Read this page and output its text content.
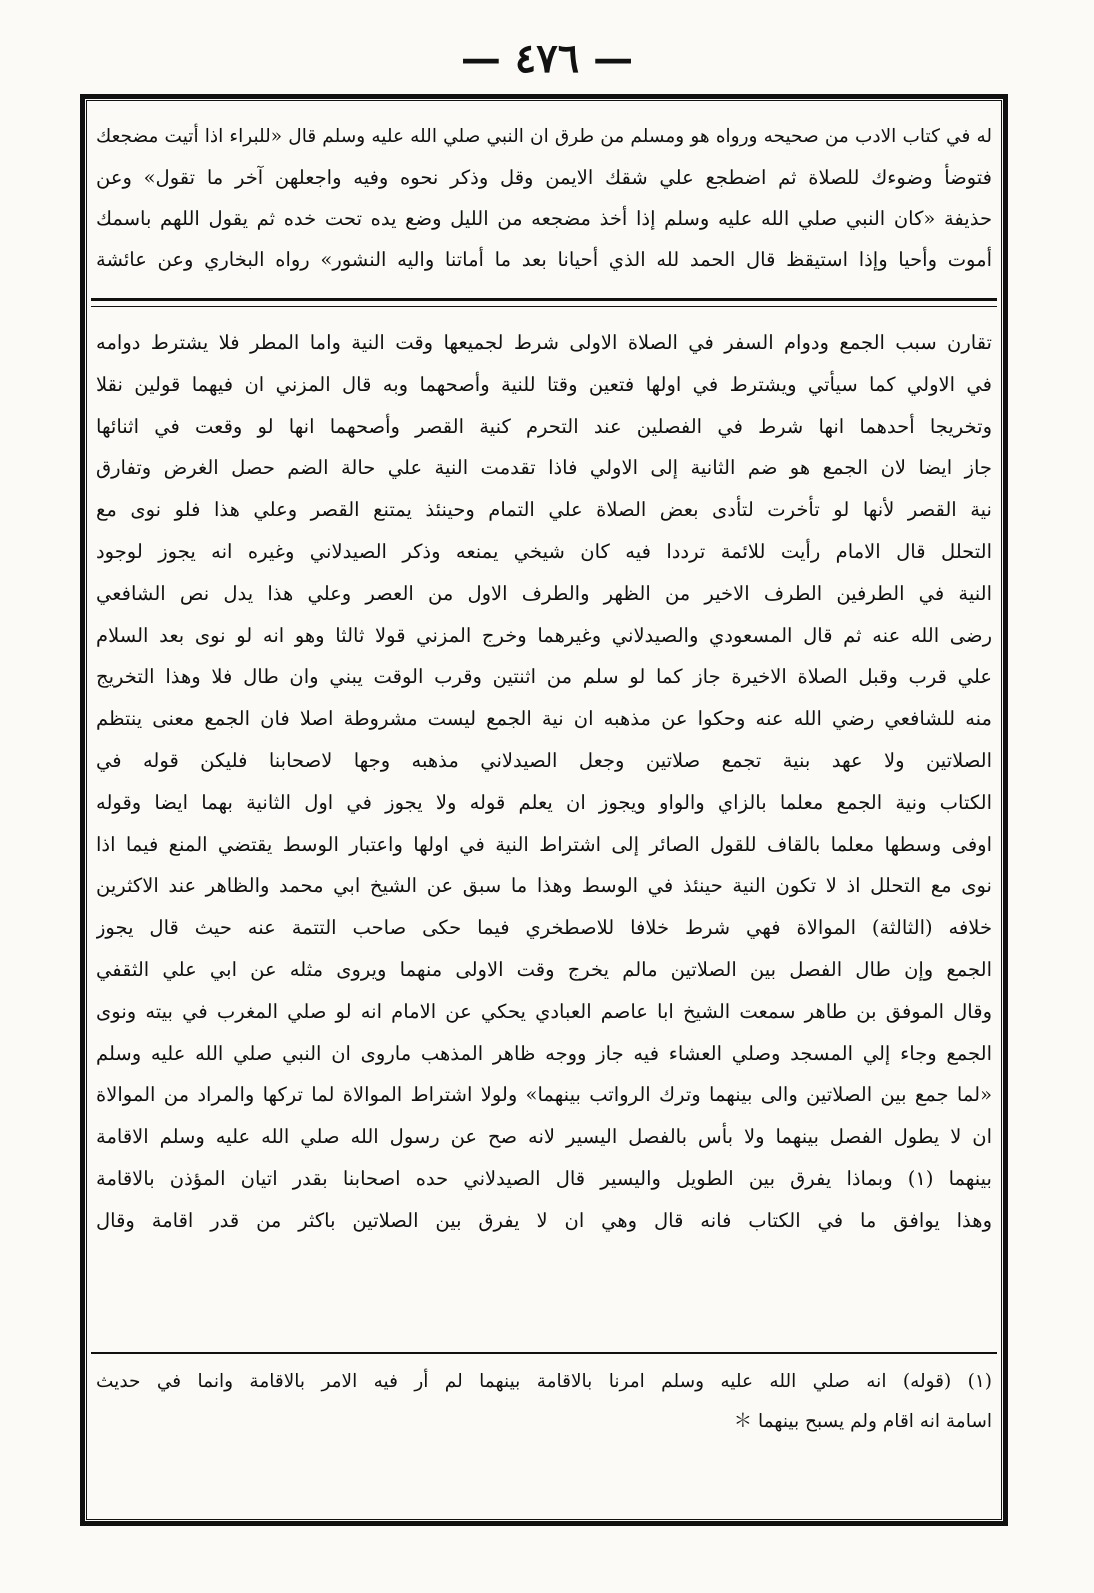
— ٤٧٦ —
له في كتاب الادب من صحيحه ورواه هو ومسلم من طرق ان النبي صلي الله عليه وسلم قال «للبراء اذا أتيت مضجعك
فتوضأ وضوءك للصلاة ثم اضطجع علي شقك الايمن وقل وذكر نحوه وفيه واجعلهن آخر ما تقول» وعن
حذيفة «كان النبي صلي الله عليه وسلم إذا أخذ مضجعه من الليل وضع يده تحت خده ثم يقول اللهم باسمك
أموت وأحيا وإذا استيقظ قال الحمد لله الذي أحيانا بعد ما أماتنا واليه النشور» رواه البخاري وعن عائشة
تقارن سبب الجمع ودوام السفر في الصلاة الاولى شرط لجميعها وقت النية واما المطر فلا يشترط دوامه
في الاولي كما سيأتي ويشترط في اولها فتعين وقتا للنية وأصحهما وبه قال المزني ان فيهما قولين نقلا
وتخريجا أحدهما انها شرط في الفصلين عند التحرم كنية القصر وأصحهما انها لو وقعت في اثنائها
جاز ايضا لان الجمع هو ضم الثانية إلى الاولي فاذا تقدمت النية علي حالة الضم حصل الغرض وتفارق
نية القصر لأنها لو تأخرت لتأدى بعض الصلاة علي التمام وحينئذ يمتنع القصر وعلي هذا فلو نوى مع
التحلل قال الامام رأيت للائمة ترددا فيه كان شيخي يمنعه وذكر الصيدلاني وغيره انه يجوز لوجود
النية في الطرفين الطرف الاخير من الظهر والطرف الاول من العصر وعلي هذا يدل نص الشافعي
رضى الله عنه ثم قال المسعودي والصيدلاني وغيرهما وخرج المزني قولا ثالثا وهو انه لو نوى بعد السلام
علي قرب وقبل الصلاة الاخيرة جاز كما لو سلم من اثنتين وقرب الوقت يبني وان طال فلا وهذا التخريج
منه للشافعي رضي الله عنه وحكوا عن مذهبه ان نية الجمع ليست مشروطة اصلا فان الجمع معنى ينتظم
الصلاتين ولا عهد بنية تجمع صلاتين وجعل الصيدلاني مذهبه وجها لاصحابنا فليكن قوله في
الكتاب ونية الجمع معلما بالزاي والواو ويجوز ان يعلم قوله ولا يجوز في اول الثانية بهما ايضا وقوله
اوفى وسطها معلما بالقاف للقول الصائر إلى اشتراط النية في اولها واعتبار الوسط يقتضي المنع فيما اذا
نوى مع التحلل اذ لا تكون النية حينئذ في الوسط وهذا ما سبق عن الشيخ ابي محمد والظاهر عند الاكثرين
خلافه (الثالثة) الموالاة فهي شرط خلافا للاصطخري فيما حكى صاحب التتمة عنه حيث قال يجوز
الجمع وإن طال الفصل بين الصلاتين مالم يخرج وقت الاولى منهما ويروى مثله عن ابي علي الثقفي
وقال الموفق بن طاهر سمعت الشيخ ابا عاصم العبادي يحكي عن الامام انه لو صلي المغرب في بيته ونوى
الجمع وجاء إلي المسجد وصلي العشاء فيه جاز ووجه ظاهر المذهب ماروى ان النبي صلي الله عليه وسلم
«لما جمع بين الصلاتين والى بينهما وترك الرواتب بينهما» ولولا اشتراط الموالاة لما تركها والمراد من الموالاة
ان لا يطول الفصل بينهما ولا بأس بالفصل اليسير لانه صح عن رسول الله صلي الله عليه وسلم الاقامة
بينهما (١) وبماذا يفرق بين الطويل واليسير قال الصيدلاني حده اصحابنا بقدر اتيان المؤذن بالاقامة
وهذا يوافق ما في الكتاب فانه قال وهي ان لا يفرق بين الصلاتين باكثر من قدر اقامة وقال
(١) (قوله) انه صلي الله عليه وسلم امرنا بالاقامة بينهما لم أر فيه الامر بالاقامة وانما في حديث
اسامة انه اقام ولم يسبح بينهما ＊
